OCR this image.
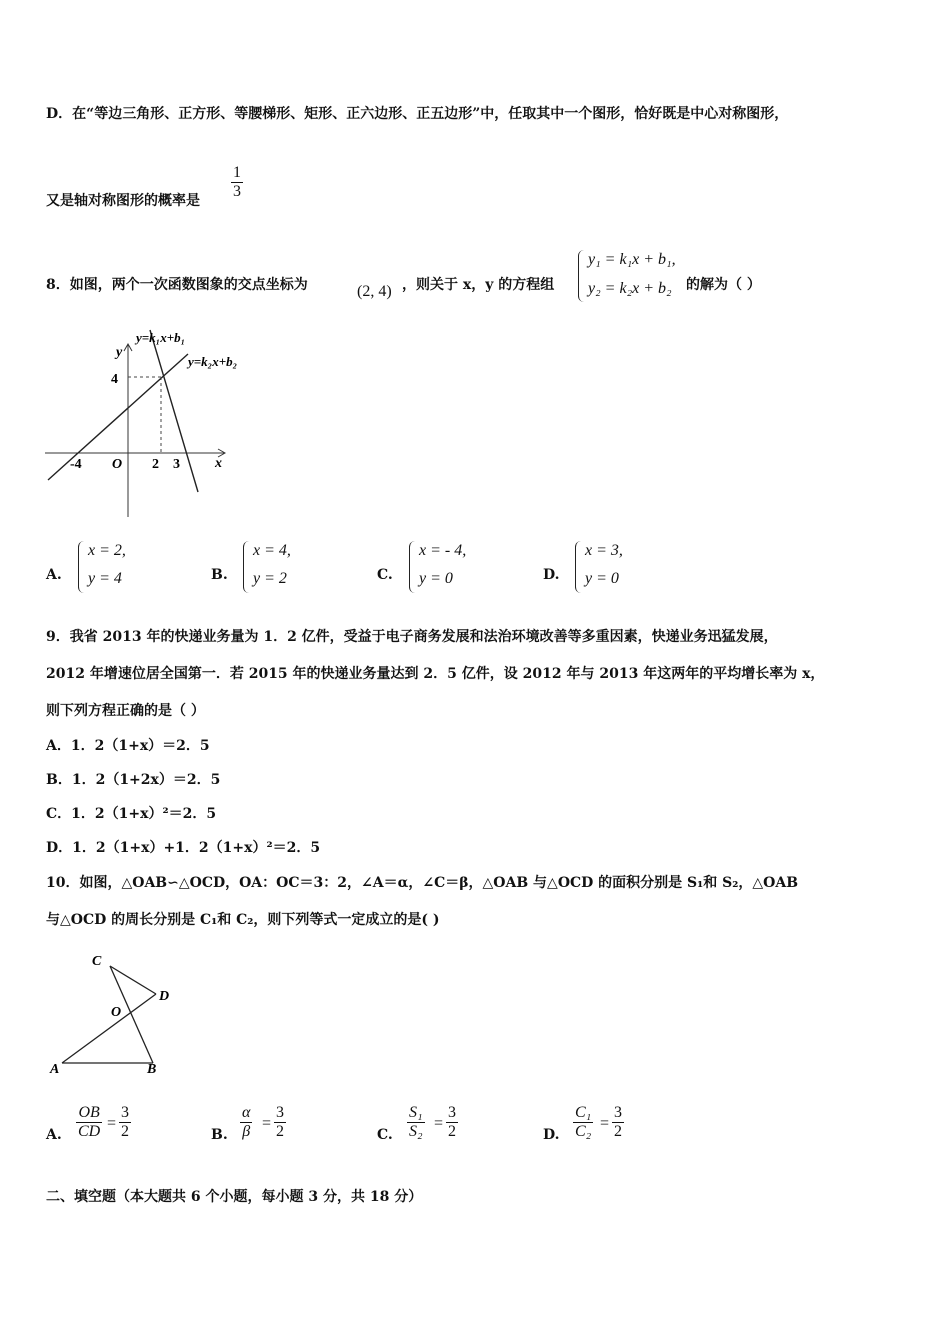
D．在“等边三角形、正方形、等腰梯形、矩形、正六边形、正五边形”中，任取其中一个图形，恰好既是中心对称图形，
又是轴对称图形的概率是 $\frac{1}{3}$
8．如图，两个一次函数图象的交点坐标为	(2, 4) ，则关于 x，y 的方程组
y₁ = k₁x + b₁,
y₂ = k₂x + b₂ 的解为（ ）
y=k₁x+b₁
y=k₂x+b₂
y
x
O
4
-4	2 3
A.
x = 2,
y = 4	B.
x = 4,
y = 2	C.
x = - 4,
y = 0	D.
x = 3,
y = 0
9．我省 2013 年的快递业务量为 1．2 亿件，受益于电子商务发展和法治环境改善等多重因素，快递业务迅猛发展，
2012 年增速位居全国第一．若 2015 年的快递业务量达到 2．5 亿件，设 2012 年与 2013 年这两年的平均增长率为 x，
则下列方程正确的是（ ）
A．1．2（1+x）＝2．5
B．1．2（1+2x）＝2．5
C．1．2（1+x）²＝2．5
D．1．2（1+x）+1．2（1+x）²＝2．5
10．如图，△OAB∽△OCD，OA：OC＝3：2，∠A＝α，∠C＝β，△OAB 与△OCD 的面积分别是 S₁和 S₂，△OAB
与△OCD 的周长分别是 C₁和 C₂，则下列等式一定成立的是( )
C
D
O
A	B
A. $\frac{OB}{CD} = \frac{3}{2}$	B. $\frac{\alpha}{\beta} = \frac{3}{2}$	C. $\frac{\text{S₁}}{\text{S₂}} = \frac{3}{2}$	D. $\frac{\text{C₁}}{\text{C₂}} = \frac{3}{2}$
二、填空题（本大题共 6 个小题，每小题 3 分，共 18 分）
